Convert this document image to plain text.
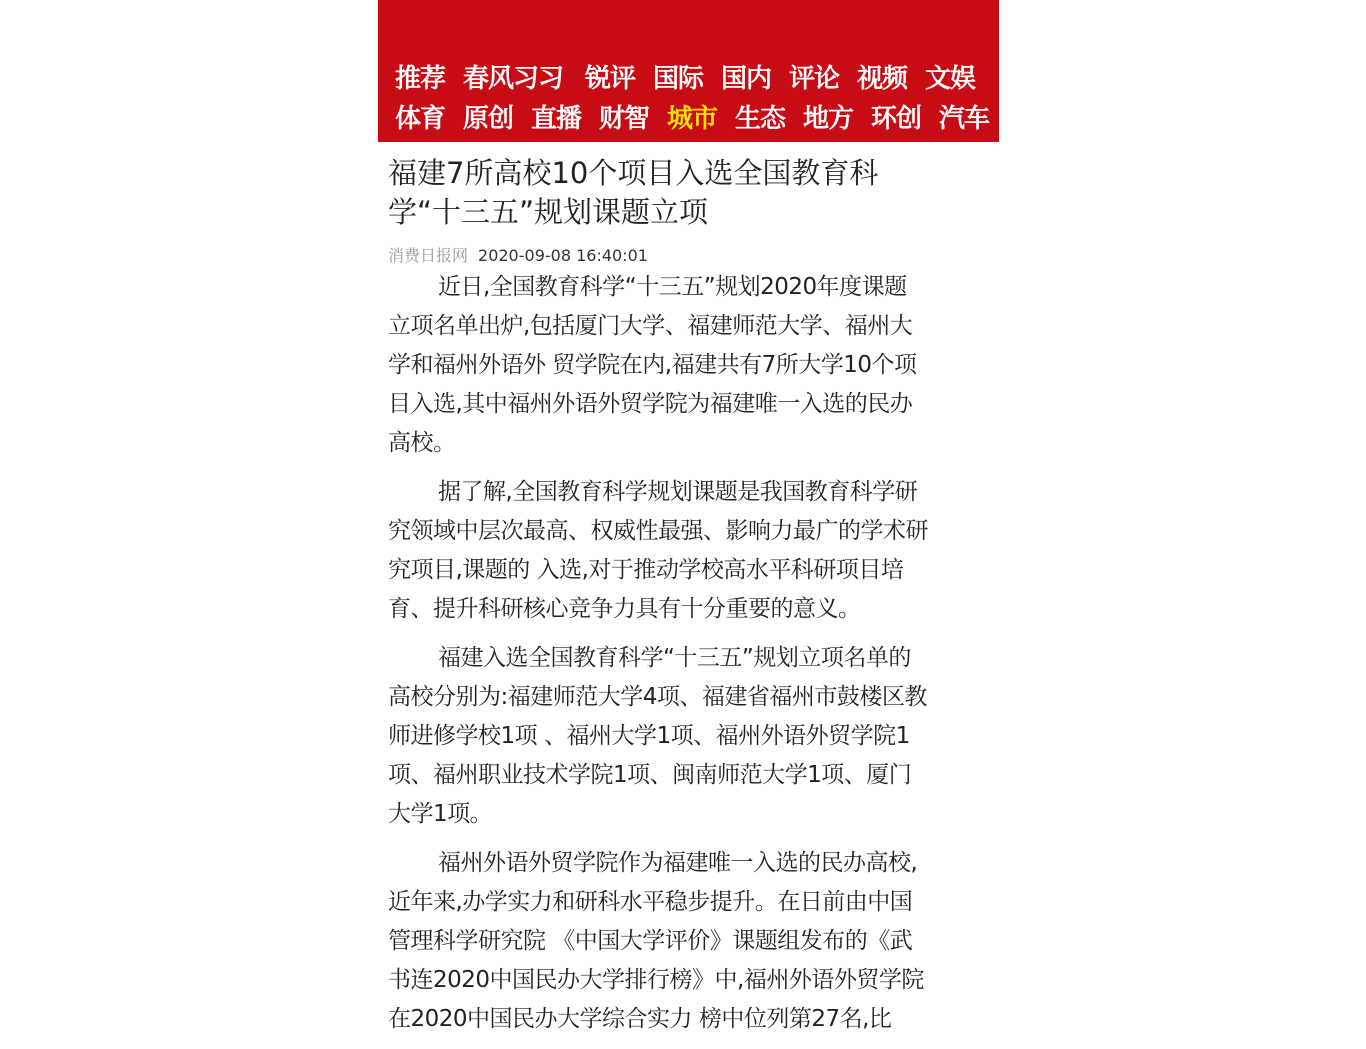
推荐 春风习习 锐评 国际 国内 评论 视频 文娱
体育 原创 直播 财智 城市 生态 地方 环创 汽车
福建7所高校10个项目入选全国教育科
学“十三五”规划课题立项
消费日报网 2020-09-08 16:40:01
近日,全国教育科学“十三五”规划2020年度课题
立项名单出炉,包括厦门大学、福建师范大学、福州大
学和福州外语外 贸学院在内,福建共有7所大学10个项
目入选,其中福州外语外贸学院为福建唯一入选的民办
高校。
据了解,全国教育科学规划课题是我国教育科学研
究领域中层次最高、权威性最强、影响力最广的学术研
究项目,课题的 入选,对于推动学校高水平科研项目培
育、提升科研核心竞争力具有十分重要的意义。
福建入选全国教育科学“十三五”规划立项名单的
高校分别为:福建师范大学4项、福建省福州市鼓楼区教
师进修学校1项 、福州大学1项、福州外语外贸学院1
项、福州职业技术学院1项、闽南师范大学1项、厦门
大学1项。
福州外语外贸学院作为福建唯一入选的民办高校,
近年来,办学实力和研科水平稳步提升。在日前由中国
管理科学研究院 《中国大学评价》课题组发布的《武
书连2020中国民办大学排行榜》中,福州外语外贸学院
在2020中国民办大学综合实力 榜中位列第27名,比
